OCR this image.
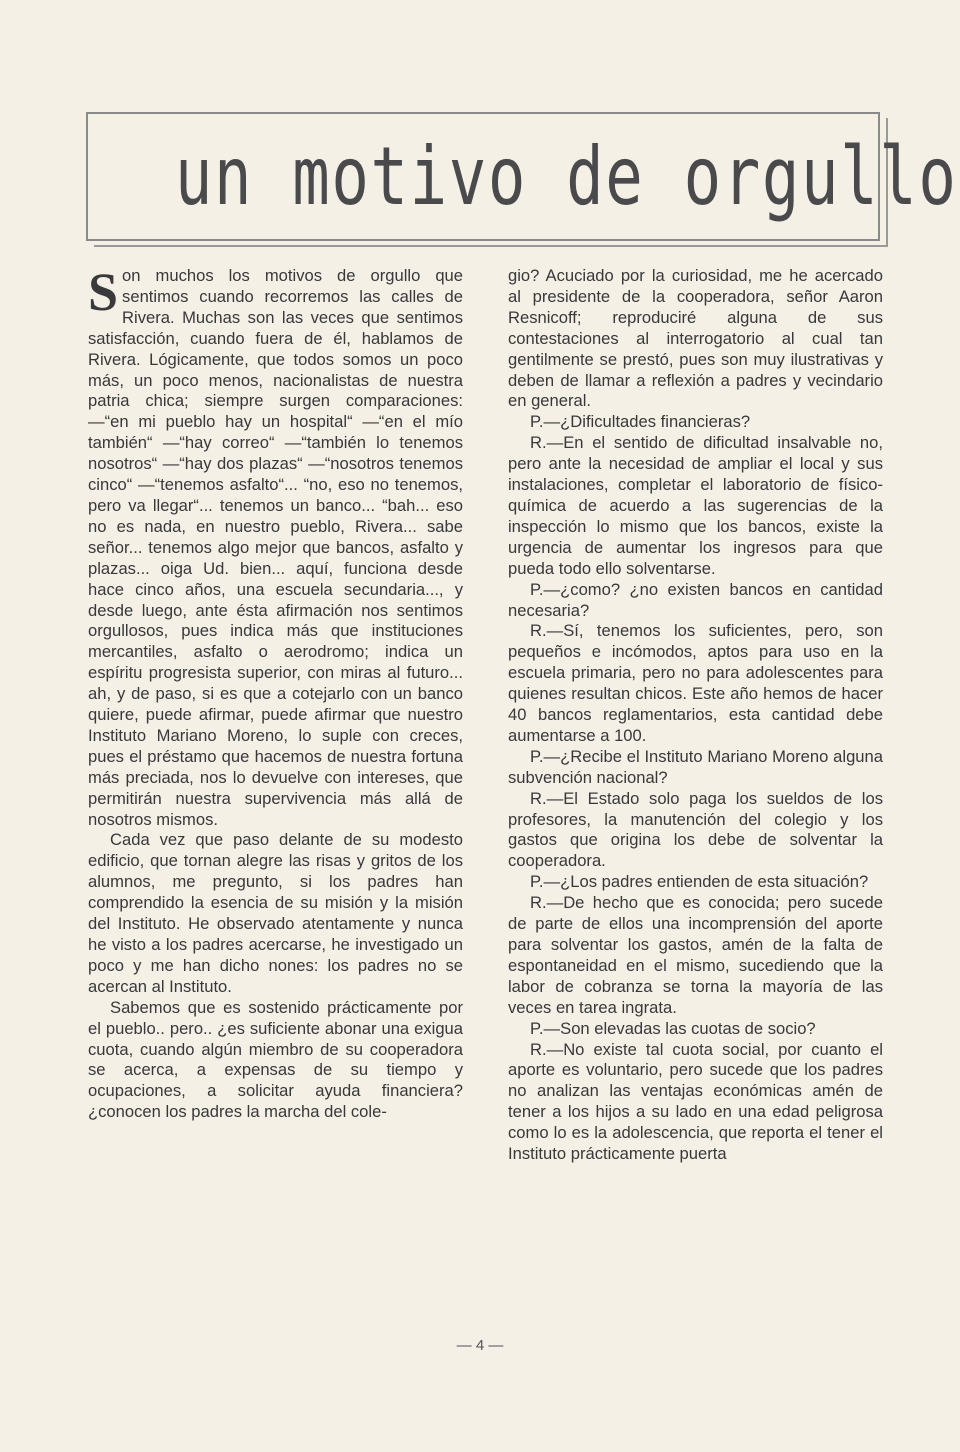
un motivo de orgullo

Son muchos los motivos de orgullo que sentimos cuando recorremos las calles de Rivera. Muchas son las veces que sentimos satisfacción, cuando fuera de él, hablamos de Rivera. Lógicamente, que todos somos un poco más, un poco menos, nacionalistas de nuestra patria chica; siempre surgen comparaciones: —“en mi pueblo hay un hospital“ —“en el mío también“ —“hay correo“ —“también lo tenemos nosotros“ —“hay dos plazas“ —“nosotros tenemos cinco“ —“tenemos asfalto“... “no, eso no tenemos, pero va llegar“... tenemos un banco... “bah... eso no es nada, en nuestro pueblo, Rivera... sabe señor... tenemos algo mejor que bancos, asfalto y plazas... oiga Ud. bien... aquí, funciona desde hace cinco años, una escuela secundaria..., y desde luego, ante ésta afirmación nos sentimos orgullosos, pues indica más que instituciones mercantiles, asfalto o aerodromo; indica un espíritu progresista superior, con miras al futuro... ah, y de paso, si es que a cotejarlo con un banco quiere, puede afirmar, puede afirmar que nuestro Instituto Mariano Moreno, lo suple con creces, pues el préstamo que hacemos de nuestra fortuna más preciada, nos lo devuelve con intereses, que permitirán nuestra supervivencia más allá de nosotros mismos.

Cada vez que paso delante de su modesto edificio, que tornan alegre las risas y gritos de los alumnos, me pregunto, si los padres han comprendido la esencia de su misión y la misión del Instituto. He observado atentamente y nunca he visto a los padres acercarse, he investigado un poco y me han dicho nones: los padres no se acercan al Instituto.

Sabemos que es sostenido prácticamente por el pueblo.. pero.. ¿es suficiente abonar una exigua cuota, cuando algún miembro de su cooperadora se acerca, a expensas de su tiempo y ocupaciones, a solicitar ayuda financiera? ¿conocen los padres la marcha del cole-

gio? Acuciado por la curiosidad, me he acercado al presidente de la cooperadora, señor Aaron Resnicoff; reproduciré alguna de sus contestaciones al interrogatorio al cual tan gentilmente se prestó, pues son muy ilustrativas y deben de llamar a reflexión a padres y vecindario en general.

P.—¿Dificultades financieras?

R.—En el sentido de dificultad insalvable no, pero ante la necesidad de ampliar el local y sus instalaciones, completar el laboratorio de físico-química de acuerdo a las sugerencias de la inspección lo mismo que los bancos, existe la urgencia de aumentar los ingresos para que pueda todo ello solventarse.

P.—¿como? ¿no existen bancos en cantidad necesaria?

R.—Sí, tenemos los suficientes, pero, son pequeños e incómodos, aptos para uso en la escuela primaria, pero no para adolescentes para quienes resultan chicos. Este año hemos de hacer 40 bancos reglamentarios, esta cantidad debe aumentarse a 100.

P.—¿Recibe el Instituto Mariano Moreno alguna subvención nacional?

R.—El Estado solo paga los sueldos de los profesores, la manutención del colegio y los gastos que origina los debe de solventar la cooperadora.

P.—¿Los padres entienden de esta situación?

R.—De hecho que es conocida; pero sucede de parte de ellos una incomprensión del aporte para solventar los gastos, amén de la falta de espontaneidad en el mismo, sucediendo que la labor de cobranza se torna la mayoría de las veces en tarea ingrata.

P.—Son elevadas las cuotas de socio?

R.—No existe tal cuota social, por cuanto el aporte es voluntario, pero sucede que los padres no analizan las ventajas económicas amén de tener a los hijos a su lado en una edad peligrosa como lo es la adolescencia, que reporta el tener el Instituto prácticamente puerta

— 4 —
